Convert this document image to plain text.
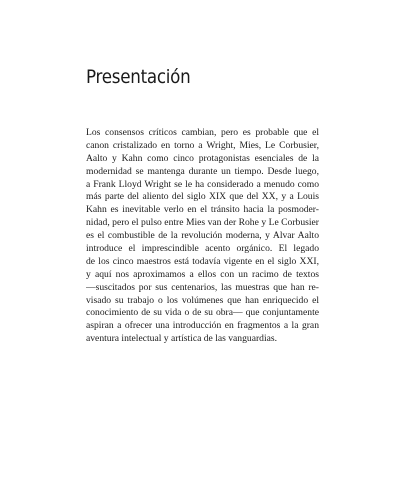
Presentación
Los consensos críticos cambian, pero es probable que el
canon cristalizado en torno a Wright, Mies, Le Corbusier,
Aalto y Kahn como cinco protagonistas esenciales de la
modernidad se mantenga durante un tiempo. Desde luego,
a Frank Lloyd Wright se le ha considerado a menudo como
más parte del aliento del siglo XIX que del XX, y a Louis
Kahn es inevitable verlo en el tránsito hacia la posmoder-
nidad, pero el pulso entre Mies van der Rohe y Le Corbusier
es el combustible de la revolución moderna, y Alvar Aalto
introduce el imprescindible acento orgánico. El legado
de los cinco maestros está todavía vigente en el siglo XXI,
y aquí nos aproximamos a ellos con un racimo de textos
—suscitados por sus centenarios, las muestras que han re-
visado su trabajo o los volúmenes que han enriquecido el
conocimiento de su vida o de su obra— que conjuntamente
aspiran a ofrecer una introducción en fragmentos a la gran
aventura intelectual y artística de las vanguardias.
